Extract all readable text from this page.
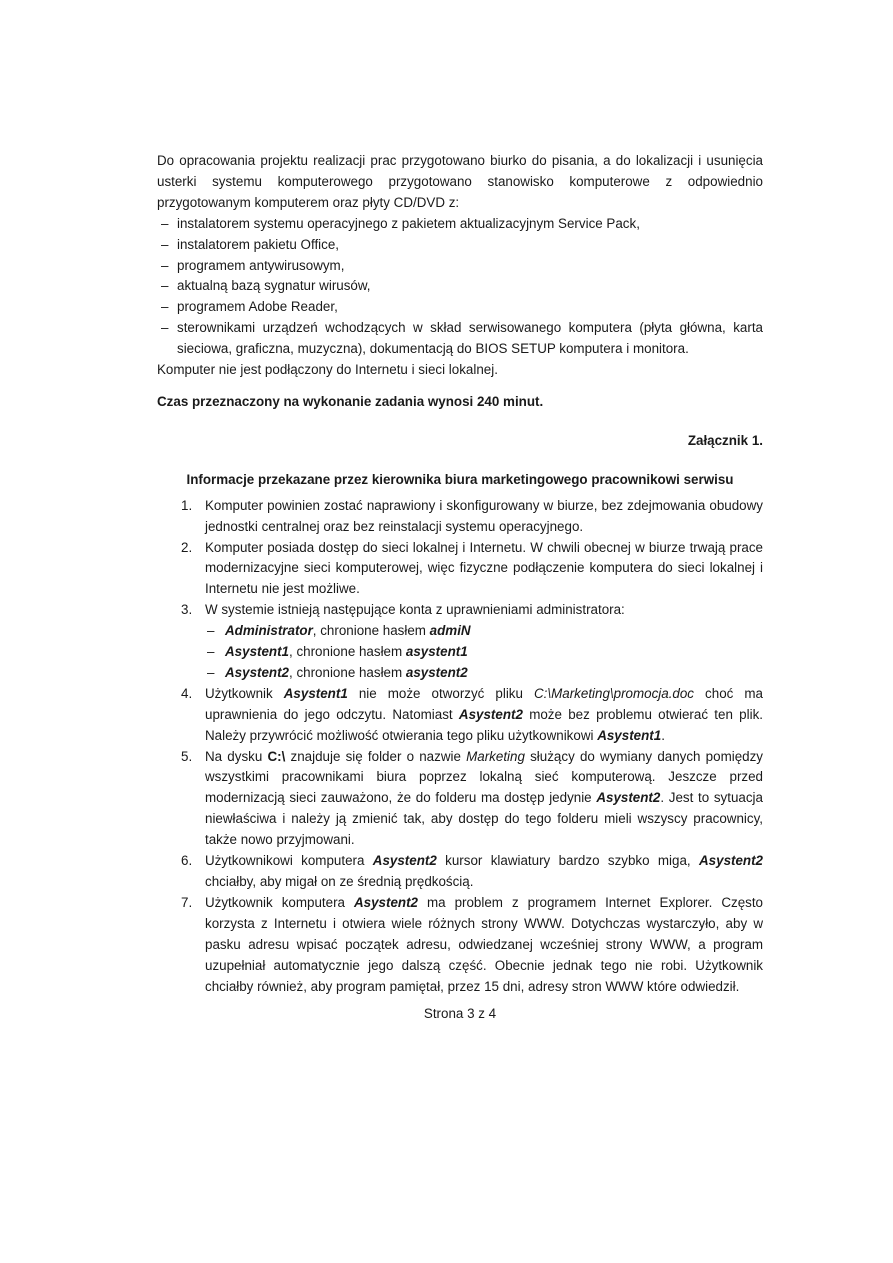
Do opracowania projektu realizacji prac przygotowano biurko do pisania, a do lokalizacji i usunięcia usterki systemu komputerowego przygotowano stanowisko komputerowe z odpowiednio przygotowanym komputerem oraz płyty CD/DVD z:

– instalatorem systemu operacyjnego z pakietem aktualizacyjnym Service Pack,
– instalatorem pakietu Office,
– programem antywirusowym,
– aktualną bazą sygnatur wirusów,
– programem Adobe Reader,
– sterownikami urządzeń wchodzących w skład serwisowanego komputera (płyta główna, karta sieciowa, graficzna, muzyczna), dokumentacją do BIOS SETUP komputera i monitora.

Komputer nie jest podłączony do Internetu i sieci lokalnej.

Czas przeznaczony na wykonanie zadania wynosi 240 minut.

Załącznik 1.

Informacje przekazane przez kierownika biura marketingowego pracownikowi serwisu

1. Komputer powinien zostać naprawiony i skonfigurowany w biurze, bez zdejmowania obudowy jednostki centralnej oraz bez reinstalacji systemu operacyjnego.
2. Komputer posiada dostęp do sieci lokalnej i Internetu. W chwili obecnej w biurze trwają prace modernizacyjne sieci komputerowej, więc fizyczne podłączenie komputera do sieci lokalnej i Internetu nie jest możliwe.
3. W systemie istnieją następujące konta z uprawnieniami administratora:
– Administrator, chronione hasłem admiN
– Asystent1, chronione hasłem asystent1
– Asystent2, chronione hasłem asystent2
4. Użytkownik Asystent1 nie może otworzyć pliku C:\Marketing\promocja.doc choć ma uprawnienia do jego odczytu. Natomiast Asystent2 może bez problemu otwierać ten plik. Należy przywrócić możliwość otwierania tego pliku użytkownikowi Asystent1.
5. Na dysku C:\ znajduje się folder o nazwie Marketing służący do wymiany danych pomiędzy wszystkimi pracownikami biura poprzez lokalną sieć komputerową. Jeszcze przed modernizacją sieci zauważono, że do folderu ma dostęp jedynie Asystent2. Jest to sytuacja niewłaściwa i należy ją zmienić tak, aby dostęp do tego folderu mieli wszyscy pracownicy, także nowo przyjmowani.
6. Użytkownikowi komputera Asystent2 kursor klawiatury bardzo szybko miga, Asystent2 chciałby, aby migał on ze średnią prędkością.
7. Użytkownik komputera Asystent2 ma problem z programem Internet Explorer. Często korzysta z Internetu i otwiera wiele różnych strony WWW. Dotychczas wystarczyło, aby w pasku adresu wpisać początek adresu, odwiedzanej wcześniej strony WWW, a program uzupełniał automatycznie jego dalszą część. Obecnie jednak tego nie robi. Użytkownik chciałby również, aby program pamiętał, przez 15 dni, adresy stron WWW które odwiedził.

Strona 3 z 4
